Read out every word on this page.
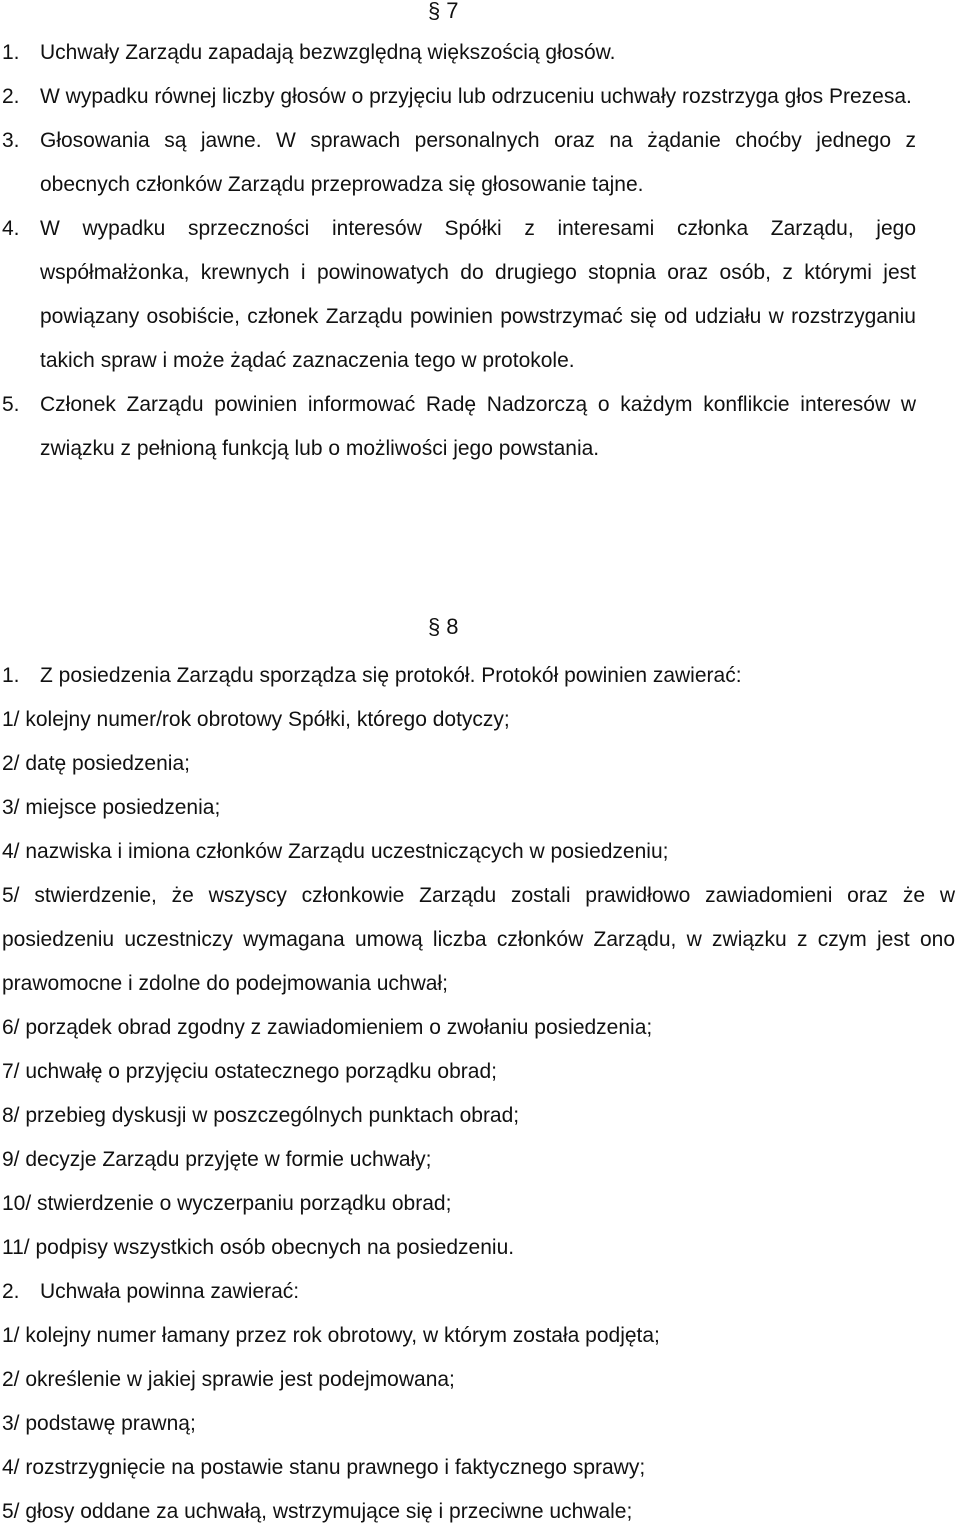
§ 7
1. Uchwały Zarządu zapadają bezwzględną większością głosów.
2. W wypadku równej liczby głosów o przyjęciu lub odrzuceniu uchwały rozstrzyga głos Prezesa.
3. Głosowania są jawne. W sprawach personalnych oraz na żądanie choćby jednego z obecnych członków Zarządu przeprowadza się głosowanie tajne.
4. W wypadku sprzeczności interesów Spółki z interesami członka Zarządu, jego współmałżonka, krewnych i powinowatych do drugiego stopnia oraz osób, z którymi jest powiązany osobiście, członek Zarządu powinien powstrzymać się od udziału w rozstrzyganiu takich spraw i może żądać zaznaczenia tego w protokole.
5. Członek Zarządu powinien informować Radę Nadzorczą o każdym konflikcie interesów w związku z pełnioną funkcją lub o możliwości jego powstania.
§ 8
1. Z posiedzenia Zarządu sporządza się protokół. Protokół powinien zawierać:
1/ kolejny numer/rok obrotowy Spółki, którego dotyczy;
2/ datę posiedzenia;
3/ miejsce posiedzenia;
4/ nazwiska i imiona członków Zarządu uczestniczących w posiedzeniu;
5/ stwierdzenie, że wszyscy członkowie Zarządu zostali prawidłowo zawiadomieni oraz że w posiedzeniu uczestniczy wymagana umową liczba członków Zarządu, w związku z czym jest ono prawomocne i zdolne do podejmowania uchwał;
6/ porządek obrad zgodny z zawiadomieniem o zwołaniu posiedzenia;
7/ uchwałę o przyjęciu ostatecznego porządku obrad;
8/ przebieg dyskusji w poszczególnych punktach obrad;
9/ decyzje Zarządu przyjęte w formie uchwały;
10/ stwierdzenie o wyczerpaniu porządku obrad;
11/ podpisy wszystkich osób obecnych na posiedzeniu.
2. Uchwała powinna zawierać:
1/ kolejny numer łamany przez rok obrotowy, w którym została podjęta;
2/ określenie w jakiej sprawie jest podejmowana;
3/ podstawę prawną;
4/ rozstrzygnięcie na postawie stanu prawnego i faktycznego sprawy;
5/ głosy oddane za uchwałą, wstrzymujące się i przeciwne uchwale;
